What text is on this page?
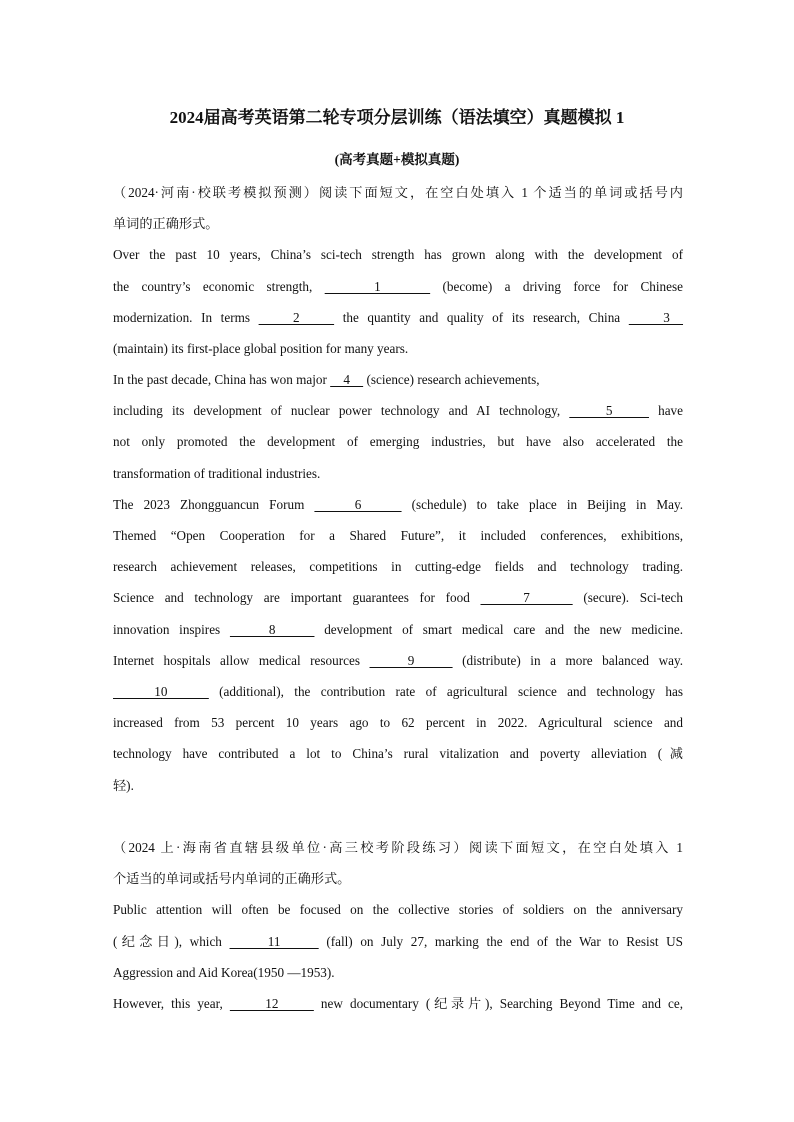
2024届高考英语第二轮专项分层训练（语法填空）真题模拟 1
(高考真题+模拟真题)
（2024·河南·校联考模拟预测）阅读下面短文，在空白处填入 1 个适当的单词或括号内
单词的正确形式。
Over the past 10 years, China’s sci-tech strength has grown along with the development of
the country’s economic strength,     1     (become) a driving force for Chinese
modernization. In terms     2     the quantity and quality of its research, China     3
(maintain) its first-place global position for many years.
In the past decade, China has won major     4     (science) research achievements,
including its development of nuclear power technology and AI technology,     5     have
not only promoted the development of emerging industries, but have also accelerated the
transformation of traditional industries.
The 2023 Zhongguancun Forum     6     (schedule) to take place in Beijing in May.
Themed “Open Cooperation for a Shared Future”, it included conferences, exhibitions,
research achievement releases, competitions in cutting-edge fields and technology trading.
Science and technology are important guarantees for food     7     (secure). Sci-tech
innovation inspires     8     development of smart medical care and the new medicine.
Internet hospitals allow medical resources     9     (distribute) in a more balanced way.
10     (additional), the contribution rate of agricultural science and technology has
increased from 53 percent 10 years ago to 62 percent in 2022. Agricultural science and
technology have contributed a lot to China’s rural vitalization and poverty alleviation (减
轻).
（2024 上·海南省直辖县级单位·高三校考阶段练习）阅读下面短文，在空白处填入 1
个适当的单词或括号内单词的正确形式。
Public attention will often be focused on the collective stories of soldiers on the anniversary
(纪念日), which      11      (fall) on July 27, marking the end of the War to Resist US
Aggression and Aid Korea(1950 —1953).
However, this year,      12      new documentary (纪录片), Searching Beyond Time and ce,
